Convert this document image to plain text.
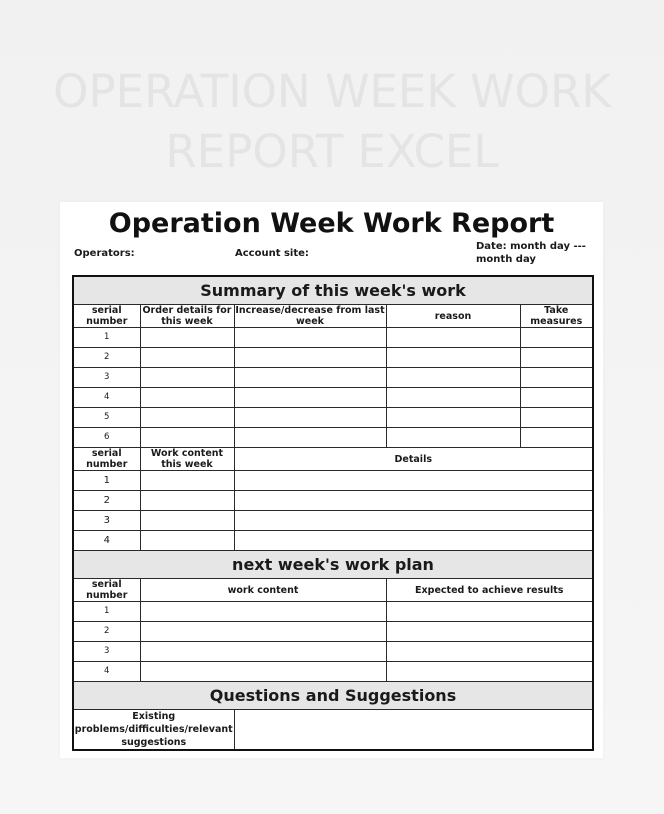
OPERATION WEEK WORK
REPORT EXCEL
Operation Week Work Report
Operators:	Account site:
Date: month day --- month day
Summary of this week's work				
serial number	Order details for this week	Increase/decrease from last week	reason	Take measures
1				
2				
3				
4				
5				
6				
serial number	Work content this week	Details		
1				
2				
3				
4				
next week's work plan				
serial number	work content		Expected to achieve results	
1				
2				
3				
4				
Questions and Suggestions				
Existing problems/difficulties/relevant suggestions				
